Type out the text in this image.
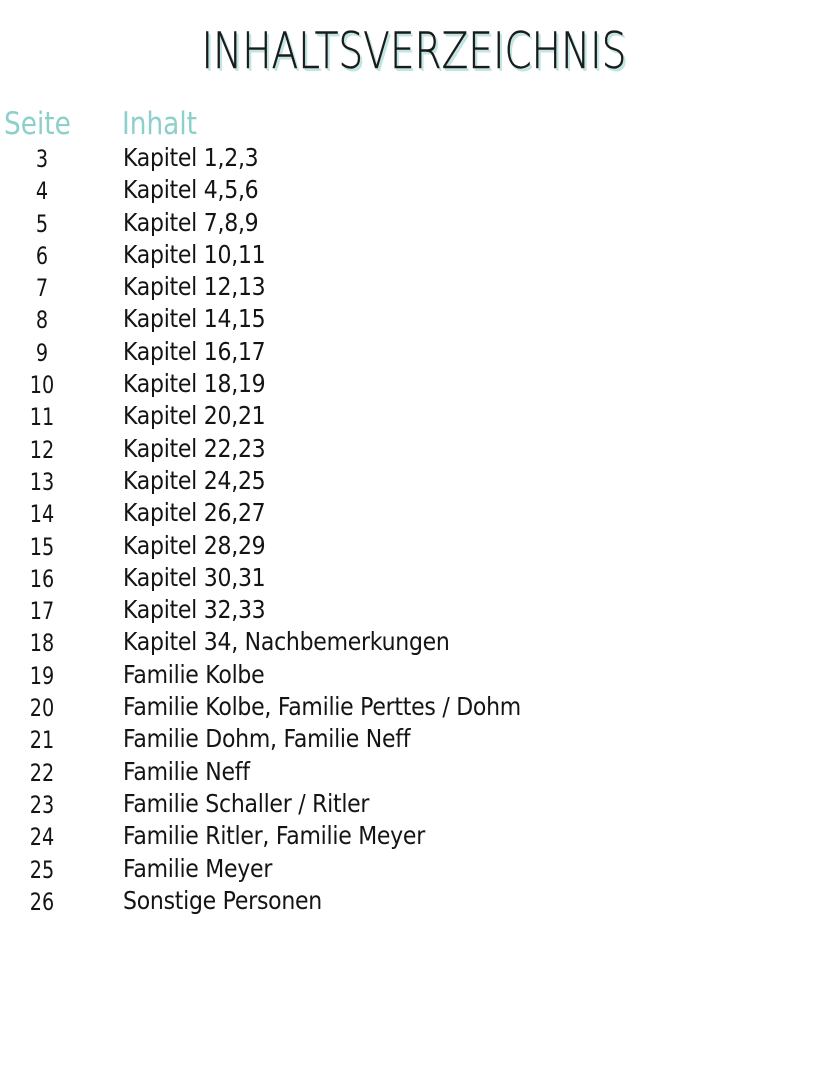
INHALTSVERZEICHNIS
Seite Inhalt
3	Kapitel 1,2,3
4	Kapitel 4,5,6
5	Kapitel 7,8,9
6	Kapitel 10,11
7	Kapitel 12,13
8	Kapitel 14,15
9	Kapitel 16,17
10	Kapitel 18,19
11	Kapitel 20,21
12	Kapitel 22,23
13	Kapitel 24,25
14	Kapitel 26,27
15	Kapitel 28,29
16	Kapitel 30,31
17	Kapitel 32,33
18	Kapitel 34, Nachbemerkungen
19	Familie Kolbe
20	Familie Kolbe, Familie Perttes / Dohm
21	Familie Dohm, Familie Neff
22	Familie Neff
23	Familie Schaller / Ritler
24	Familie Ritler, Familie Meyer
25	Familie Meyer
26	Sonstige Personen
